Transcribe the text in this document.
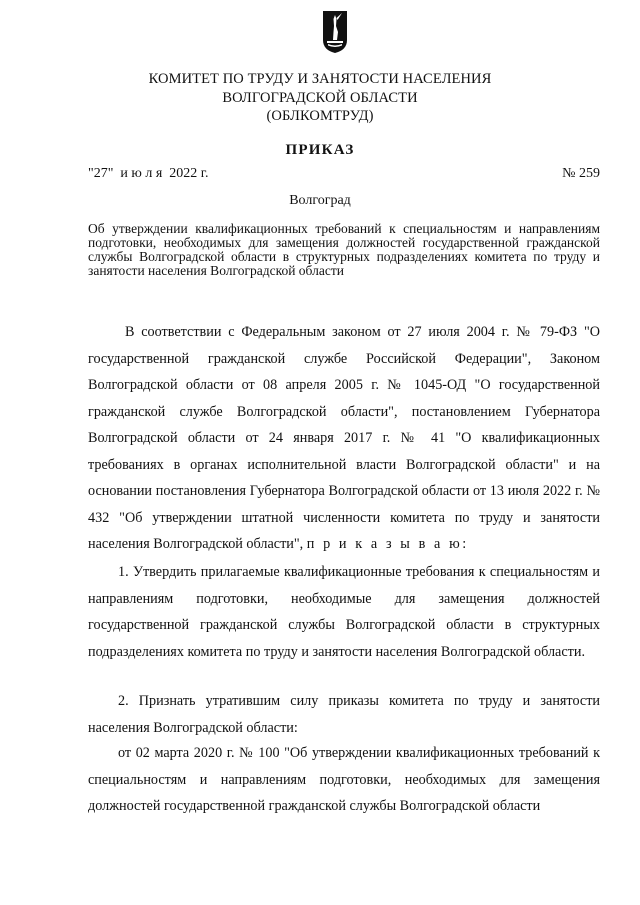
КОМИТЕТ ПО ТРУДУ И ЗАНЯТОСТИ НАСЕЛЕНИЯ
ВОЛГОГРАДСКОЙ ОБЛАСТИ
(ОБЛКОМТРУД)
ПРИКАЗ
"27"  и ю л я  2022 г.	№ 259
Волгоград
Об утверждении квалификационных требований к специальностям и направлениям подготовки, необходимых для замещения должностей государственной гражданской службы Волгоградской области в структурных подразделениях комитета по труду и занятости населения Волгоградской области

В соответствии с Федеральным законом от 27 июля 2004 г. № 79-ФЗ "О государственной гражданской службе Российской Федерации", Законом Волгоградской области от 08 апреля 2005 г. № 1045-ОД "О государственной гражданской службе Волгоградской области", постановлением Губернатора Волгоградской области от 24 января 2017 г. № 41 "О квалификационных требованиях в органах исполнительной власти Волгоградской области" и на основании постановления Губернатора Волгоградской области от 13 июля 2022 г. № 432 "Об утверждении штатной численности комитета по труду и занятости населения Волгоградской области", п р и к а з ы в а ю:

1. Утвердить прилагаемые квалификационные требования к специальностям и направлениям подготовки, необходимые для замещения должностей государственной гражданской службы Волгоградской области в структурных подразделениях комитета по труду и занятости населения Волгоградской области.

2. Признать утратившим силу приказы комитета по труду и занятости населения Волгоградской области:

от 02 марта 2020 г. № 100 "Об утверждении квалификационных требований к специальностям и направлениям подготовки, необходимых для замещения должностей государственной гражданской службы Волгоградской области
